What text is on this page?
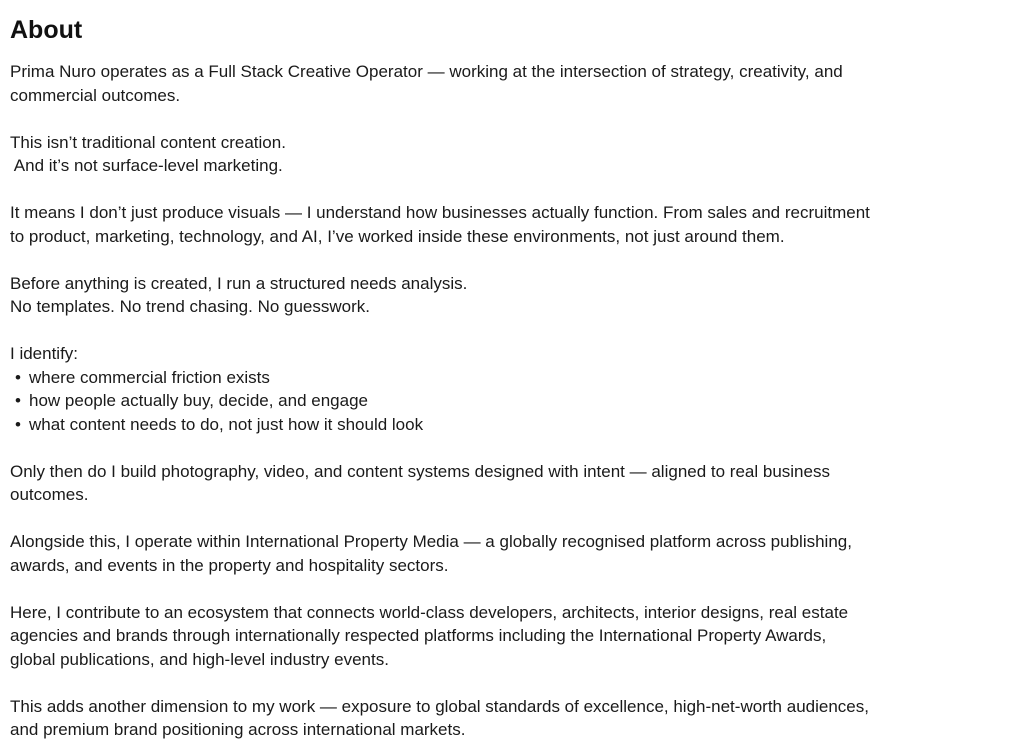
About
Prima Nuro operates as a Full Stack Creative Operator — working at the intersection of strategy, creativity, and
commercial outcomes.
This isn’t traditional content creation.
And it’s not surface-level marketing.
It means I don’t just produce visuals — I understand how businesses actually function. From sales and recruitment
to product, marketing, technology, and AI, I’ve worked inside these environments, not just around them.
Before anything is created, I run a structured needs analysis.
No templates. No trend chasing. No guesswork.
I identify:
• where commercial friction exists
• how people actually buy, decide, and engage
• what content needs to do, not just how it should look
Only then do I build photography, video, and content systems designed with intent — aligned to real business
outcomes.
Alongside this, I operate within International Property Media — a globally recognised platform across publishing,
awards, and events in the property and hospitality sectors.
Here, I contribute to an ecosystem that connects world-class developers, architects, interior designs, real estate
agencies and brands through internationally respected platforms including the International Property Awards,
global publications, and high-level industry events.
This adds another dimension to my work — exposure to global standards of excellence, high-net-worth audiences,
and premium brand positioning across international markets.
